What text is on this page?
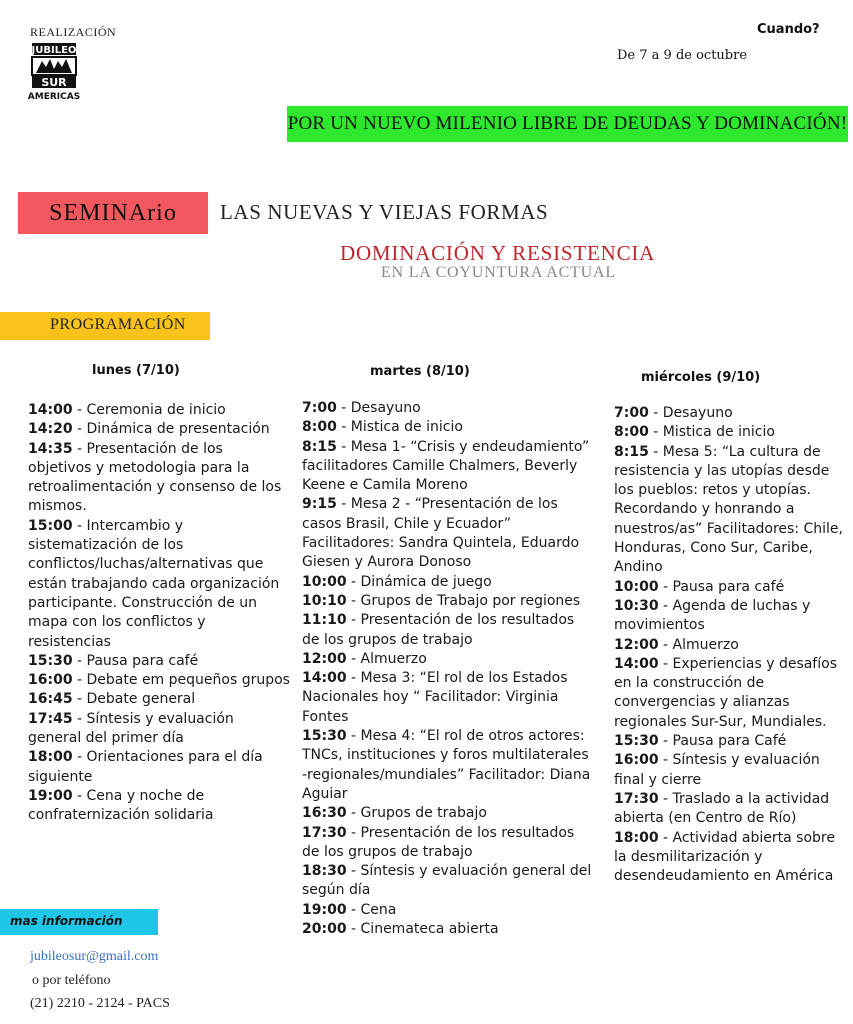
REALIZACIÓN
JUBILEO
SUR
AMERICAS
Cuando?
De 7 a 9 de octubre
POR UN NUEVO MILENIO LIBRE DE DEUDAS Y DOMINACIÓN!
SEMINArio	LAS NUEVAS Y VIEJAS FORMAS
DOMINACIÓN Y RESISTENCIA
EN LA COYUNTURA ACTUAL
PROGRAMACIÓN
lunes (7/10)	martes (8/10)	miércoles (9/10)

14:00 - Ceremonia de inicio

14:20 - Dinámica de presentación

14:35 - Presentación de los objetivos y metodologia para la retroalimentación y consenso de los mismos.

15:00 - Intercambio y sistematización de los conflictos/luchas/alternativas que están trabajando cada organización participante. Construcción de un mapa con los conflictos y resistencias

15:30 - Pausa para café

16:00 - Debate em pequeños grupos

16:45 - Debate general

17:45 - Síntesis y evaluación general del primer día

18:00 - Orientaciones para el día siguiente

19:00 - Cena y noche de confraternización solidaria

7:00 - Desayuno

8:00 - Mistica de inicio

8:15 - Mesa 1- “Crisis y endeudamiento” facilitadores Camille Chalmers, Beverly Keene e Camila Moreno

9:15 - Mesa 2 - “Presentación de los casos Brasil, Chile y Ecuador” Facilitadores: Sandra Quintela, Eduardo Giesen y Aurora Donoso

10:00 - Dinámica de juego

10:10 - Grupos de Trabajo por regiones

11:10 - Presentación de los resultados de los grupos de trabajo

12:00 - Almuerzo

14:00 - Mesa 3: “El rol de los Estados Nacionales hoy “ Facilitador: Virginia Fontes

15:30 - Mesa 4: “El rol de otros actores: TNCs, instituciones y foros multilaterales -regionales/mundiales” Facilitador: Diana Aguiar

16:30 - Grupos de trabajo

17:30 - Presentación de los resultados de los grupos de trabajo

18:30 - Síntesis y evaluación general del según día

19:00 - Cena

20:00 - Cinemateca abierta

7:00 - Desayuno

8:00 - Mistica de inicio

8:15 - Mesa 5: “La cultura de resistencia y las utopías desde los pueblos: retos y utopías. Recordando y honrando a nuestros/as” Facilitadores: Chile, Honduras, Cono Sur, Caribe, Andino

10:00 - Pausa para café

10:30 - Agenda de luchas y movimientos

12:00 - Almuerzo

14:00 - Experiencias y desafíos en la construcción de convergencias y alianzas regionales Sur-Sur, Mundiales.

15:30 - Pausa para Café

16:00 - Síntesis y evaluación final y cierre

17:30 - Traslado a la actividad abierta (en Centro de Río)

18:00 - Actividad abierta sobre la desmilitarización y desendeudamiento en América

mas información
jubileosur@gmail.com
o por teléfono
(21) 2210 - 2124 - PACS
